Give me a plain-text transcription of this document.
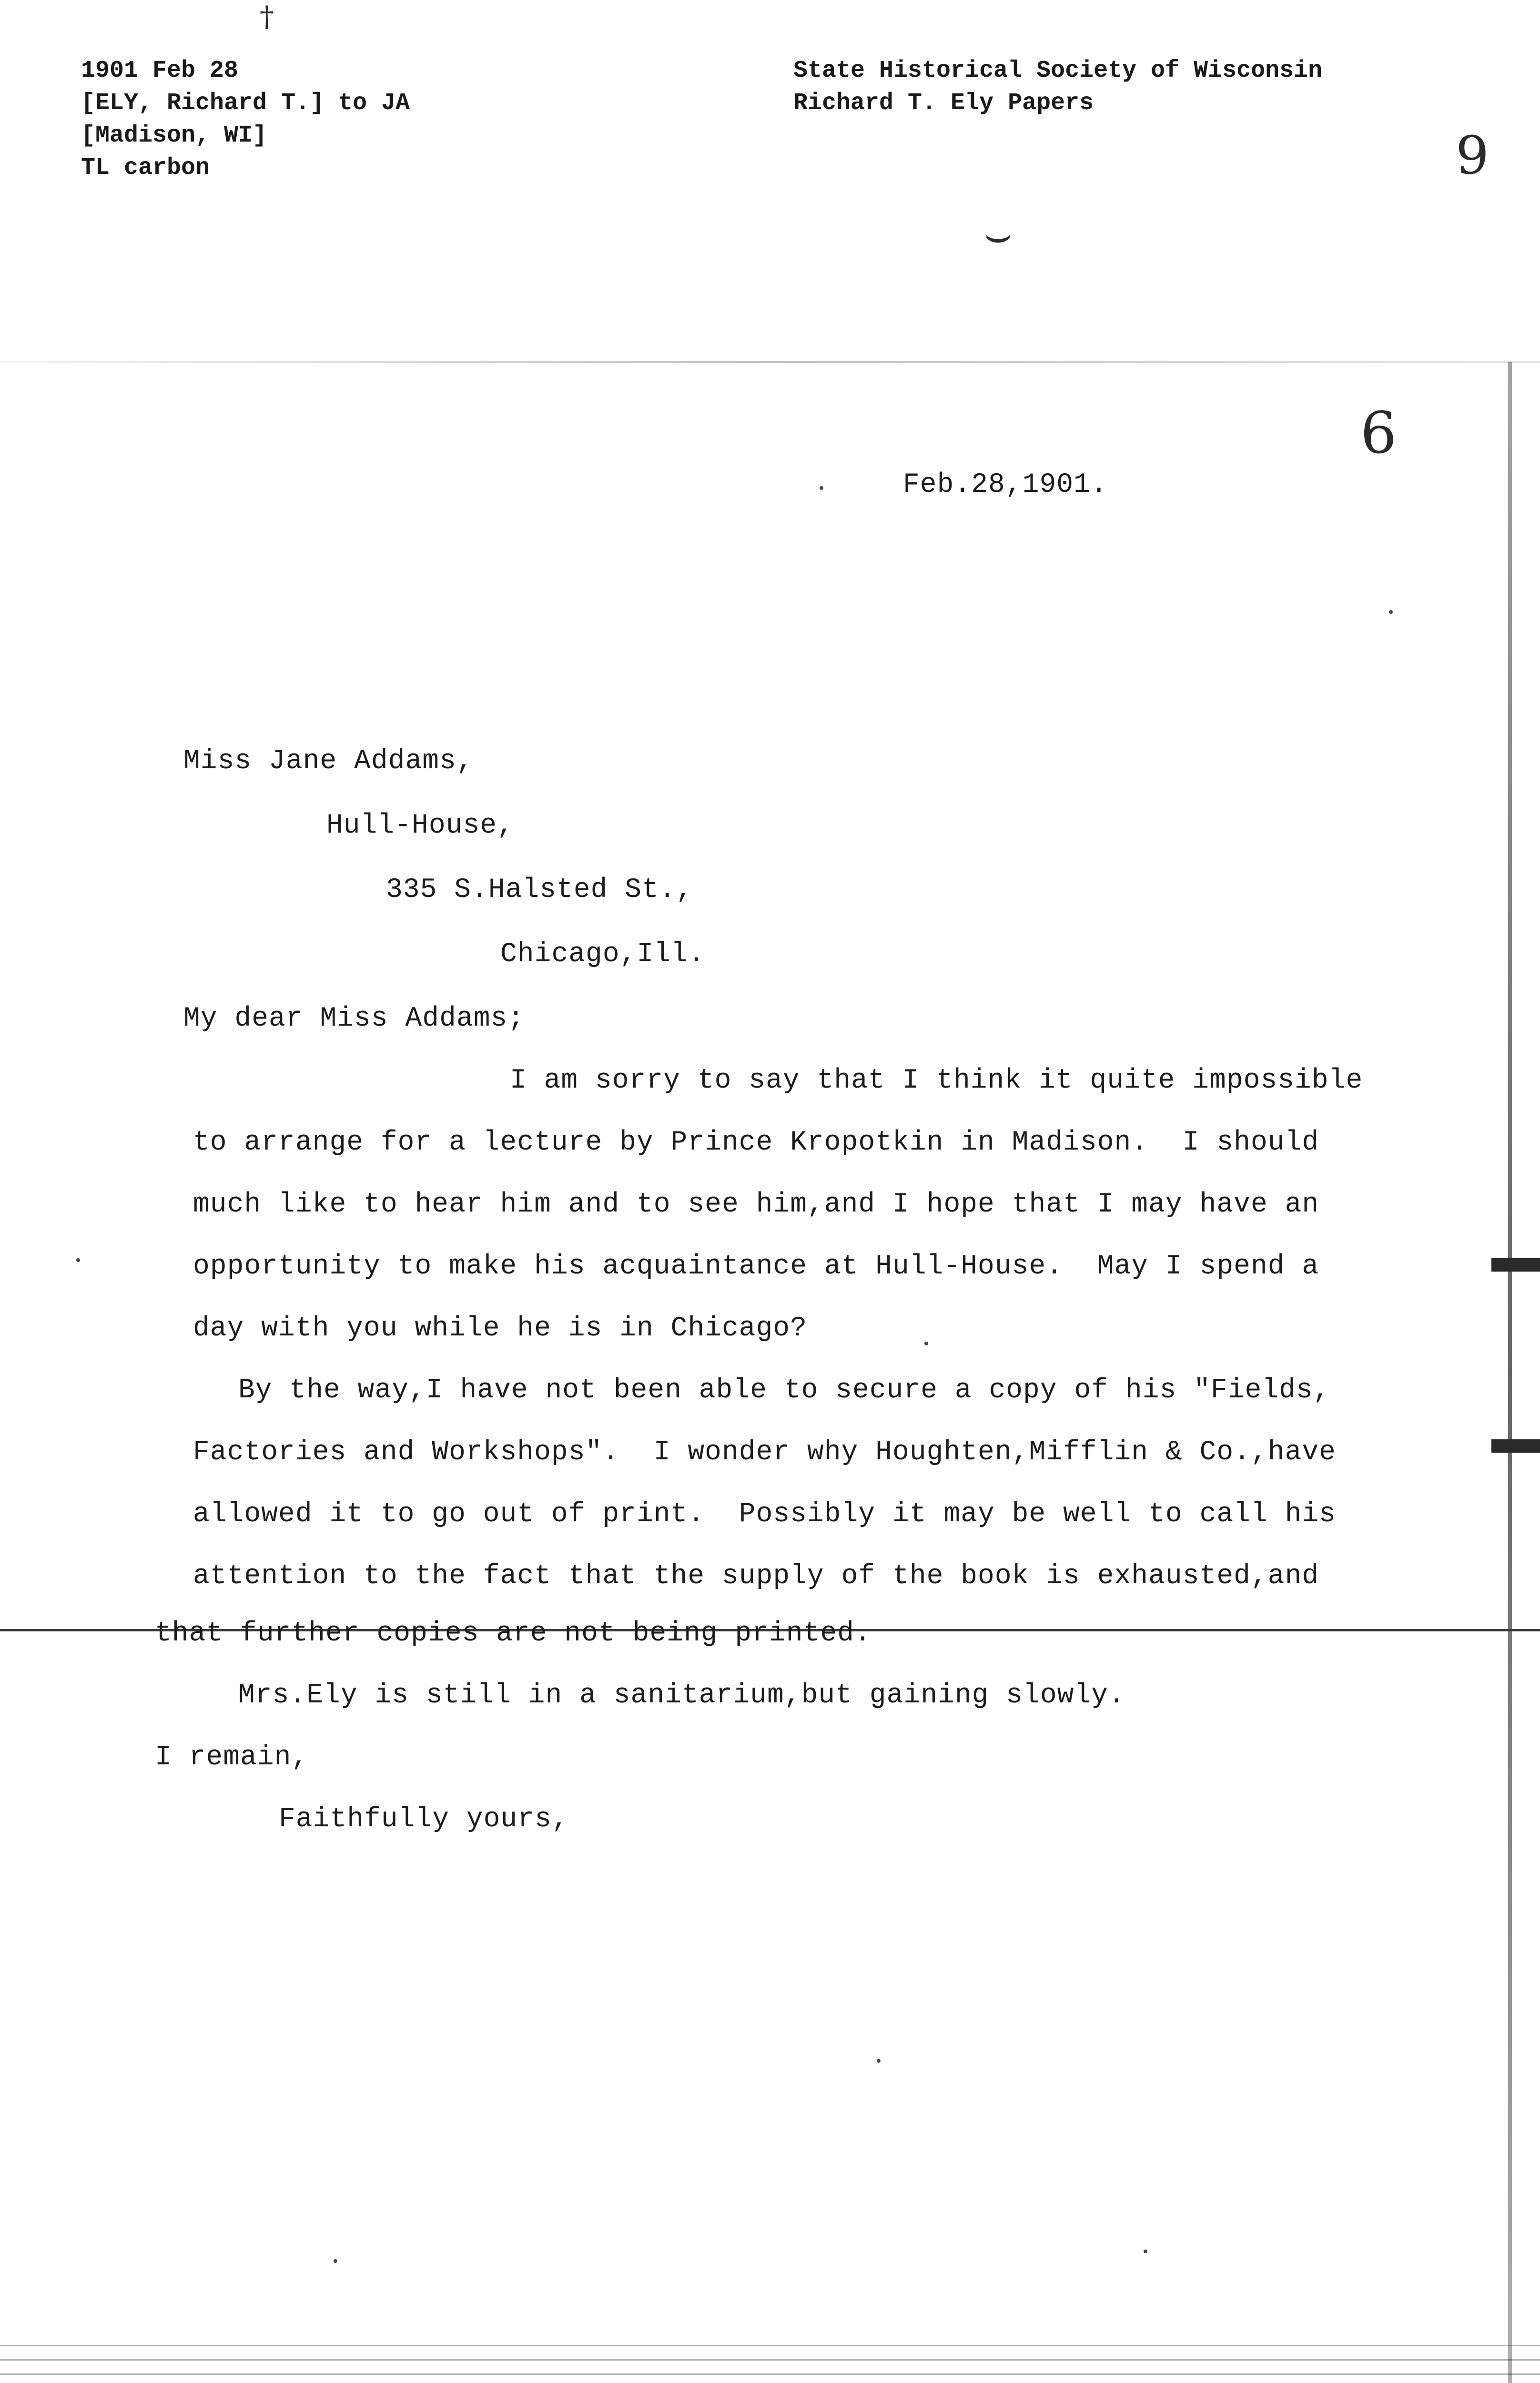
1901 Feb 28
[ELY, Richard T.] to JA
[Madison, WI]
TL carbon
State Historical Society of Wisconsin
Richard T. Ely Papers
9
6
⌣
†
Feb.28,1901.
Miss Jane Addams,
Hull-House,
335 S.Halsted St.,
Chicago,Ill.
My dear Miss Addams;
I am sorry to say that I think it quite impossible
to arrange for a lecture by Prince Kropotkin in Madison.  I should
much like to hear him and to see him,and I hope that I may have an
opportunity to make his acquaintance at Hull-House.  May I spend a
day with you while he is in Chicago?
By the way,I have not been able to secure a copy of his "Fields,
Factories and Workshops".  I wonder why Houghten,Mifflin & Co.,have
allowed it to go out of print.  Possibly it may be well to call his
attention to the fact that the supply of the book is exhausted,and
that further copies are not being printed.
Mrs.Ely is still in a sanitarium,but gaining slowly.
I remain,
Faithfully yours,
